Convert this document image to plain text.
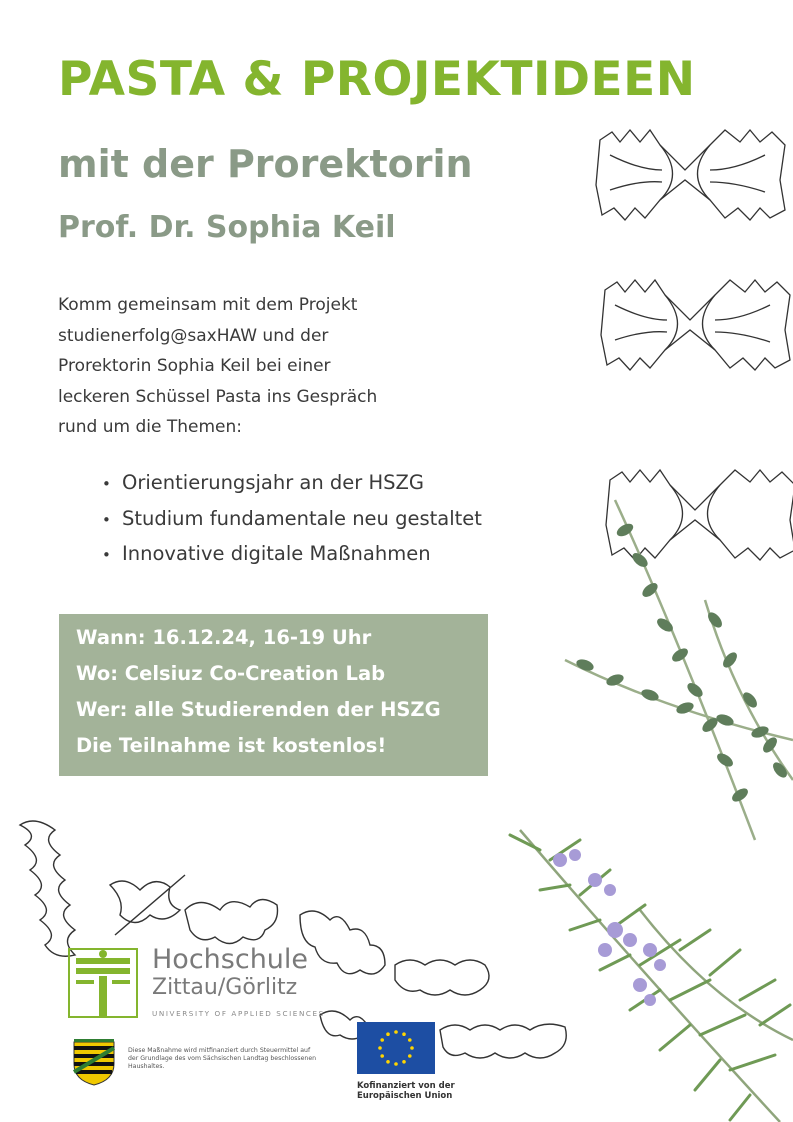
PASTA & PROJEKTIDEEN
mit der Prorektorin
Prof. Dr. Sophia Keil
Komm gemeinsam mit dem Projekt
studienerfolg@saxHAW und der
Prorektorin Sophia Keil bei einer
leckeren Schüssel Pasta ins Gespräch
rund um die Themen:
• Orientierungsjahr an der HSZG
• Studium fundamentale neu gestaltet
• Innovative digitale Maßnahmen
Wann: 16.12.24, 16-19 Uhr
Wo: Celsiuz Co-Creation Lab
Wer: alle Studierenden der HSZG
Die Teilnahme ist kostenlos!
Hochschule
Zittau/Görlitz
UNIVERSITY OF APPLIED SCIENCES
Diese Maßnahme wird mitfinanziert durch Steuermittel auf
der Grundlage des vom Sächsischen Landtag beschlossenen
Haushaltes.
Kofinanziert von der
Europäischen Union
